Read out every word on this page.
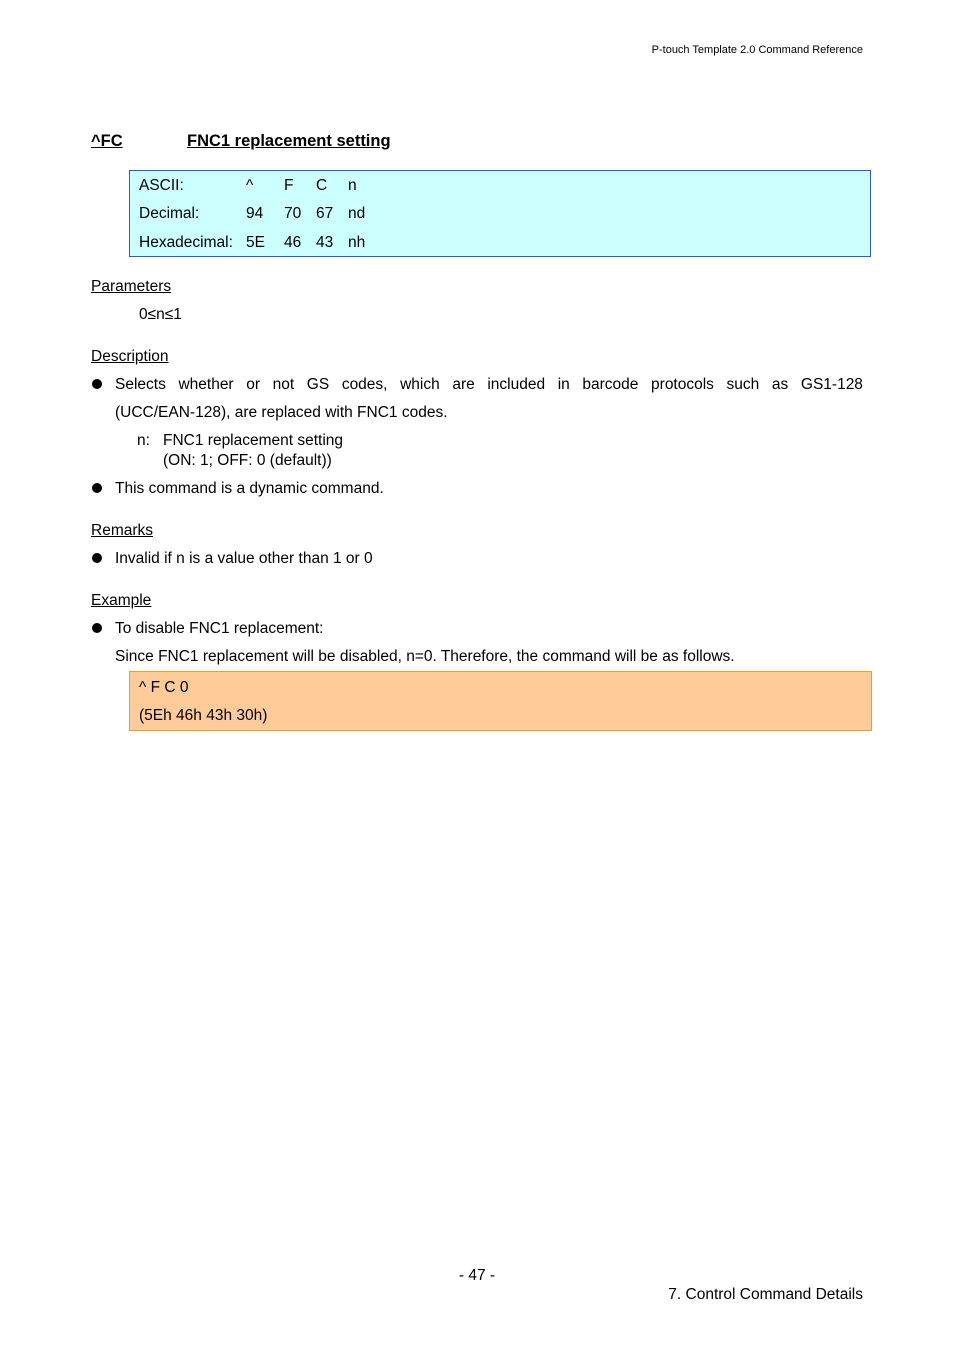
P-touch Template 2.0 Command Reference
^FC	FNC1 replacement setting
ASCII:	^ F C n
Decimal:	94 70 67 nd
Hexadecimal: 5E 46 43 nh
Parameters
0≤n≤1
Description
Selects whether or not GS codes, which are included in barcode protocols such as GS1-128
(UCC/EAN-128), are replaced with FNC1 codes.
n: FNC1 replacement setting
(ON: 1; OFF: 0 (default))
This command is a dynamic command.
Remarks
Invalid if n is a value other than 1 or 0
Example
To disable FNC1 replacement:
Since FNC1 replacement will be disabled, n=0. Therefore, the command will be as follows.
^ F C 0
(5Eh 46h 43h 30h)
- 47 -
7. Control Command Details
